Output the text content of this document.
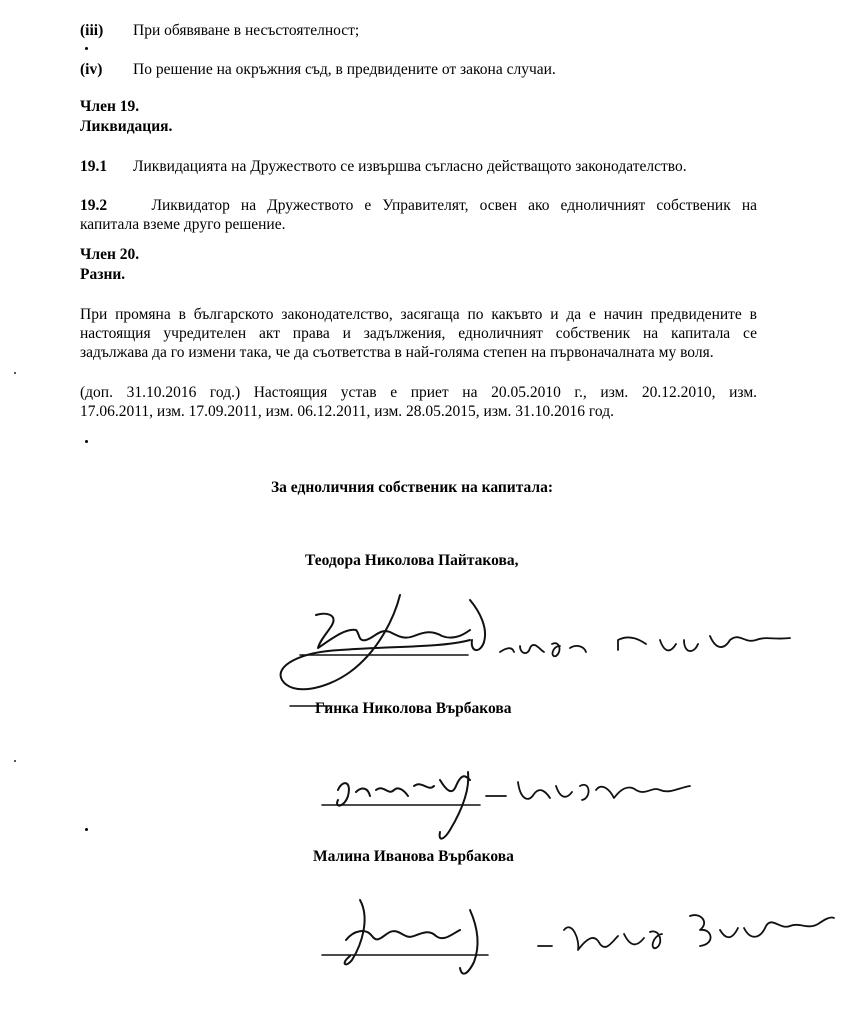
(iii) При обявяване в несъстоятелност;
(iv) По решение на окръжния съд, в предвидените от закона случаи.
Член 19.
Ликвидация.
19.1 Ликвидацията на Дружеството се извършва съгласно действащото законодателство.
19.2	Ликвидатор на Дружеството е Управителят, освен ако едноличният собственик на
капитала вземе друго решение.
Член 20.
Разни.
При промяна в българското законодателство, засягаща по какъвто и да е начин предвидените в
настоящия учредителен акт права и задължения, едноличният собственик на капитала се
задължава да го измени така, че да съответства в най-голяма степен на първоначалната му воля.
(доп. 31.10.2016 год.) Настоящия устав е приет на 20.05.2010 г., изм. 20.12.2010, изм.
17.06.2011, изм. 17.09.2011, изм. 06.12.2011, изм. 28.05.2015, изм. 31.10.2016 год.
За едноличния собственик на капитала:
Теодора Николова Пайтакова,
Гинка Николова Върбакова
Малина Иванова Върбакова
